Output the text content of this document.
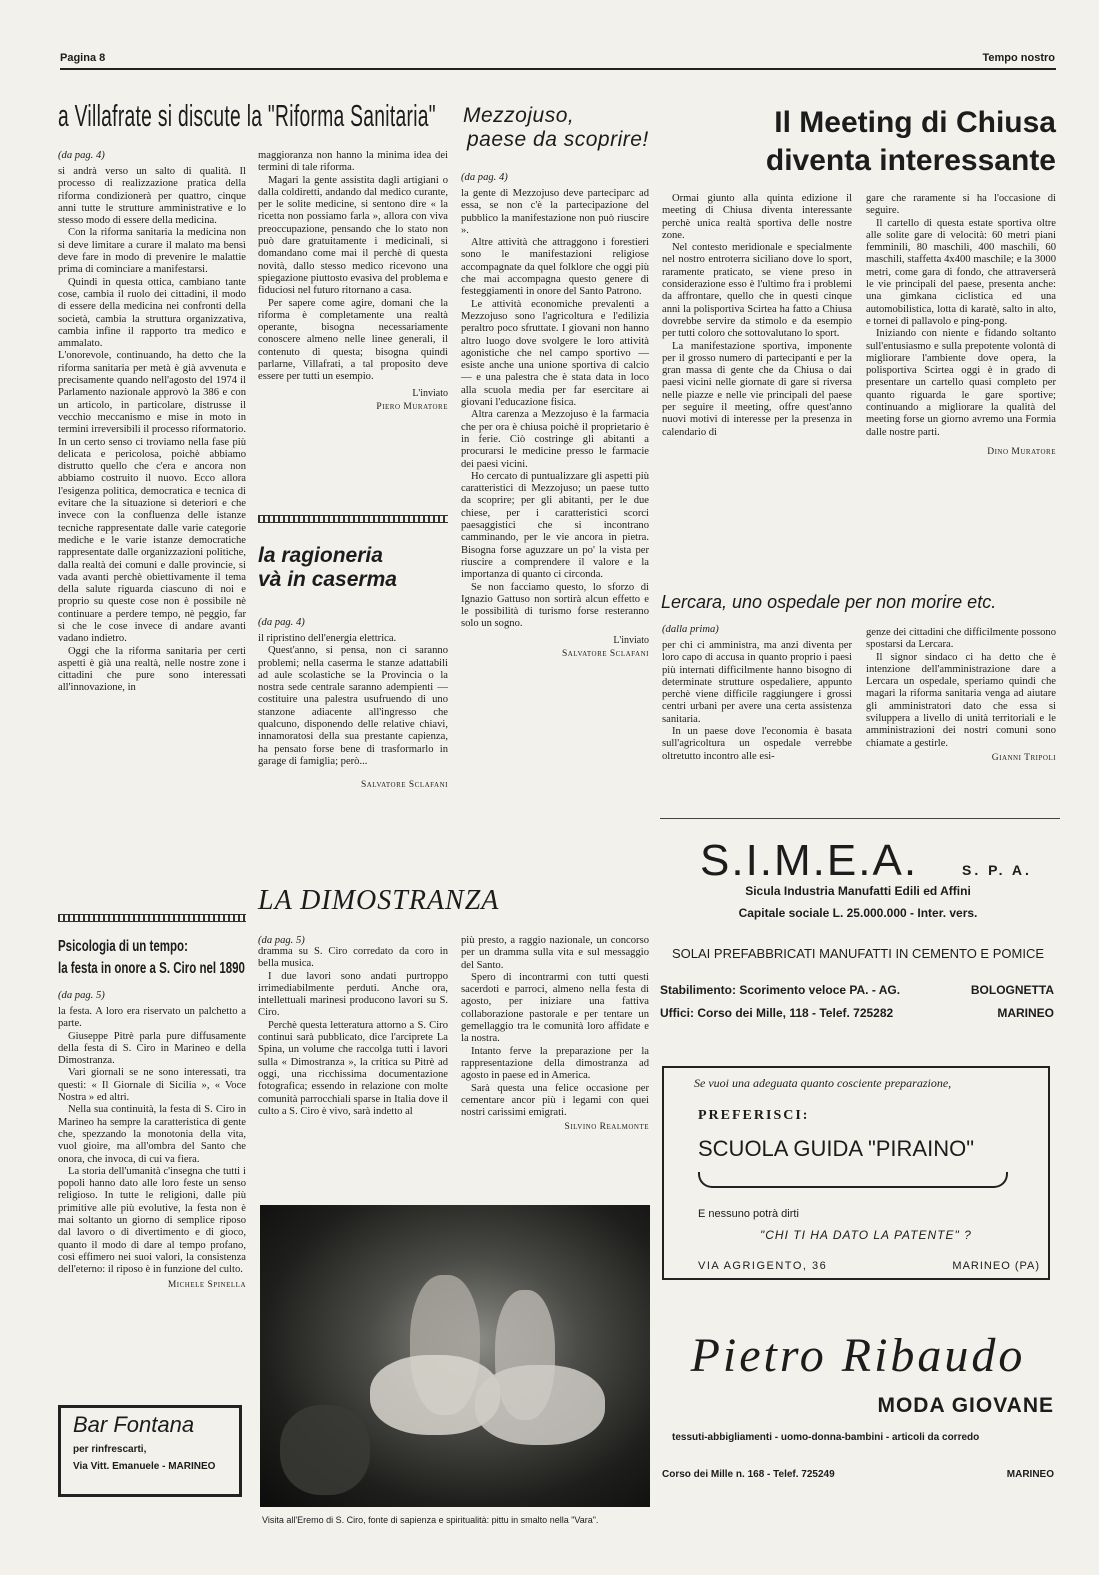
Pagina 8	Tempo nostro
a Villafrate si discute la "Riforma Sanitaria"
(da pag. 4)

si andrà verso un salto di qualità. Il processo di realizzazione pratica della riforma condizionerà per quattro, cinque anni tutte le strutture amministrative e lo stesso modo di essere della medicina.

Con la riforma sanitaria la medicina non si deve limitare a curare il malato ma bensì deve fare in modo di prevenire le malattie prima di cominciare a manifestarsi.

Quindi in questa ottica, cambiano tante cose, cambia il ruolo dei cittadini, il modo di essere della medicina nei confronti della società, cambia la struttura organizzativa, cambia infine il rapporto tra medico e ammalato.

L'onorevole, continuando, ha detto che la riforma sanitaria per metà è già avvenuta e precisamente quando nell'agosto del 1974 il Parlamento nazionale approvò la 386 e con un articolo, in particolare, distrusse il vecchio meccanismo e mise in moto in termini irreversibili il processo riformatorio. In un certo senso ci troviamo nella fase più delicata e pericolosa, poichè abbiamo distrutto quello che c'era e ancora non abbiamo costruito il nuovo. Ecco allora l'esigenza politica, democratica e tecnica di evitare che la situazione si deteriori e che invece con la confluenza delle istanze tecniche rappresentate dalle varie categorie mediche e le varie istanze democratiche rappresentate dalle organizzazioni politiche, dalla realtà dei comuni e dalle provincie, si vada avanti perchè obiettivamente il tema della salute riguarda ciascuno di noi e proprio su queste cose non è possibile nè continuare a perdere tempo, nè peggio, far sì che le cose invece di andare avanti vadano indietro.

Oggi che la riforma sanitaria per certi aspetti è già una realtà, nelle nostre zone i cittadini che pure sono interessati all'innovazione, in

maggioranza non hanno la minima idea dei termini di tale riforma.

Magari la gente assistita dagli artigiani o dalla coldiretti, andando dal medico curante, per le solite medicine, si sentono dire « la ricetta non possiamo farla », allora con viva preoccupazione, pensando che lo stato non può dare gratuitamente i medicinali, si domandano come mai il perchè di questa novità, dallo stesso medico ricevono una spiegazione piuttosto evasiva del problema e fiduciosi nel futuro ritornano a casa.

Per sapere come agire, domani che la riforma è completamente una realtà operante, bisogna necessariamente conoscere almeno nelle linee generali, il contenuto di questa; bisogna quindi parlarne, Villafrati, a tal proposito deve essere per tutti un esempio.

L'inviato
Piero Muratore
la ragioneria
và in caserma
(da pag. 4)

il ripristino dell'energia elettrica.

Quest'anno, si pensa, non ci saranno problemi; nella caserma le stanze adattabili ad aule scolastiche se la Provincia o la nostra sede centrale saranno adempienti — costituire una palestra usufruendo di uno stanzone adiacente all'ingresso che qualcuno, disponendo delle relative chiavi, innamoratosi della sua prestante capienza, ha pensato forse bene di trasformarlo in garage di famiglia; però...

Salvatore Sclafani
Mezzojuso,
paese da scoprire!
(da pag. 4)

la gente di Mezzojuso deve parteciparc ad essa, se non c'è la partecipazione del pubblico la manifestazione non può riuscire ».

Altre attività che attraggono i forestieri sono le manifestazioni religiose accompagnate da quel folklore che oggi più che mai accompagna questo genere di festeggiamenti in onore del Santo Patrono.

Le attività economiche prevalenti a Mezzojuso sono l'agricoltura e l'edilizia peraltro poco sfruttate. I giovani non hanno altro luogo dove svolgere le loro attività agonistiche che nel campo sportivo — esiste anche una unione sportiva di calcio — e una palestra che è stata data in loco alla scuola media per far esercitare ai giovani l'educazione fisica.

Altra carenza a Mezzojuso è la farmacia che per ora è chiusa poichè il proprietario è in ferie. Ciò costringe gli abitanti a procurarsi le medicine presso le farmacie dei paesi vicini.

Ho cercato di puntualizzare gli aspetti più caratteristici di Mezzojuso; un paese tutto da scoprire; per gli abitanti, per le due chiese, per i caratteristici scorci paesaggistici che si incontrano camminando, per le vie ancora in pietra. Bisogna forse aguzzare un po' la vista per riuscire a comprendere il valore e la importanza di quanto ci circonda.

Se non facciamo questo, lo sforzo di Ignazio Gattuso non sortirà alcun effetto e le possibilità di turismo forse resteranno solo un sogno.

L'inviato
Salvatore Sclafani
Il Meeting di Chiusa
diventa interessante

Ormai giunto alla quinta edizione il meeting di Chiusa diventa interessante perchè unica realtà sportiva delle nostre zone.

Nel contesto meridionale e specialmente nel nostro entroterra siciliano dove lo sport, raramente praticato, se viene preso in considerazione esso è l'ultimo fra i problemi da affrontare, quello che in questi cinque anni la polisportiva Scirtea ha fatto a Chiusa dovrebbe servire da stimolo e da esempio per tutti coloro che sottovalutano lo sport.

La manifestazione sportiva, imponente per il grosso numero di partecipanti e per la gran massa di gente che da Chiusa o dai paesi vicini nelle giornate di gare si riversa nelle piazze e nelle vie principali del paese per seguire il meeting, offre quest'anno nuovi motivi di interesse per la presenza in calendario di

gare che raramente si ha l'occasione di seguire.

Il cartello di questa estate sportiva oltre alle solite gare di velocità: 60 metri piani femminili, 80 maschili, 400 maschili, 60 maschili, staffetta 4x400 maschile; e la 3000 metri, come gara di fondo, che attraverserà le vie principali del paese, presenta anche: una gimkana ciclistica ed una automobilistica, lotta di karatè, salto in alto, e tornei di pallavolo e ping-pong.

Iniziando con niente e fidando soltanto sull'entusiasmo e sulla prepotente volontà di migliorare l'ambiente dove opera, la polisportiva Scirtea oggi è in grado di presentare un cartello quasi completo per quanto riguarda le gare sportive; continuando a migliorare la qualità del meeting forse un giorno avremo una Formia dalle nostre parti.

Dino Muratore
Lercara, uno ospedale per non morire etc.
(dalla prima)

per chi ci amministra, ma anzi diventa per loro capo di accusa in quanto proprio i paesi più internati difficilmente hanno bisogno di determinate strutture ospedaliere, appunto perchè viene difficile raggiungere i grossi centri urbani per avere una certa assistenza sanitaria.

In un paese dove l'economia è basata sull'agricoltura un ospedale verrebbe oltretutto incontro alle esi-

genze dei cittadini che difficilmente possono spostarsi da Lercara.

Il signor sindaco ci ha detto che è intenzione dell'amministrazione dare a Lercara un ospedale, speriamo quindi che magari la riforma sanitaria venga ad aiutare gli amministratori dato che essa si sviluppera a livello di unità territoriali e le amministrazioni dei nostri comuni sono chiamate a gestirle.

Gianni Tripoli
Psicologia di un tempo:
la festa in onore a S. Ciro nel 1890
(da pag. 5)

la festa. A loro era riservato un palchetto a parte.

Giuseppe Pitrè parla pure diffusamente della festa di S. Ciro in Marineo e della Dimostranza.

Vari giornali se ne sono interessati, tra questi: « Il Giornale di Sicilia », « Voce Nostra » ed altri.

Nella sua continuità, la festa di S. Ciro in Marineo ha sempre la caratteristica di gente che, spezzando la monotonia della vita, vuol gioire, ma all'ombra del Santo che onora, che invoca, di cui va fiera.

La storia dell'umanità c'insegna che tutti i popoli hanno dato alle loro feste un senso religioso. In tutte le religioni, dalle più primitive alle più evolutive, la festa non è mai soltanto un giorno di semplice riposo dal lavoro o di divertimento e di gioco, quanto il modo di dare al tempo profano, così effimero nei suoi valori, la consistenza dell'eterno: il riposo è in funzione del culto.

Michele Spinella
Bar Fontana
per rinfrescarti,
Via Vitt. Emanuele - MARINEO
LA DIMOSTRANZA
(da pag. 5)

dramma su S. Ciro corredato da coro in bella musica.

I due lavori sono andati purtroppo irrimediabilmente perduti. Anche ora, intellettuali marinesi producono lavori su S. Ciro.

Perchè questa letteratura attorno a S. Ciro continui sarà pubblicato, dice l'arciprete La Spina, un volume che raccolga tutti i lavori sulla « Dimostranza », la critica su Pitrè ad oggi, una ricchissima documentazione fotografica; essendo in relazione con molte comunità parrocchiali sparse in Italia dove il culto a S. Ciro è vivo, sarà indetto al

più presto, a raggio nazionale, un concorso per un dramma sulla vita e sul messaggio del Santo.

Spero di incontrarmi con tutti questi sacerdoti e parroci, almeno nella festa di agosto, per iniziare una fattiva collaborazione pastorale e per tentare un gemellaggio tra le comunità loro affidate e la nostra.

Intanto ferve la preparazione per la rappresentazione della dimostranza ad agosto in paese ed in America.

Sarà questa una felice occasione per cementare ancor più i legami con quei nostri carissimi emigrati.

Silvino Realmonte
Visita all'Eremo di S. Ciro, fonte di sapienza e spiritualità: pittu in smalto nella "Vara".
S.I.M.E.A.	S. P. A.
Sicula Industria Manufatti Edili ed Affini
Capitale sociale L. 25.000.000 - Inter. vers.
SOLAI PREFABBRICATI MANUFATTI IN CEMENTO E POMICE
Stabilimento: Scorimento veloce PA. - AG.	BOLOGNETTA
Uffici: Corso dei Mille, 118 - Telef. 725282	MARINEO
Se vuoi una adeguata quanto cosciente preparazione,
PREFERISCI:
SCUOLA GUIDA "PIRAINO"
E nessuno potrà dirti
"CHI TI HA DATO LA PATENTE" ?
VIA AGRIGENTO, 36	MARINEO (PA)
Pietro Ribaudo
MODA GIOVANE
tessuti-abbigliamenti - uomo-donna-bambini - articoli da corredo
Corso dei Mille n. 168 - Telef. 725249	MARINEO
